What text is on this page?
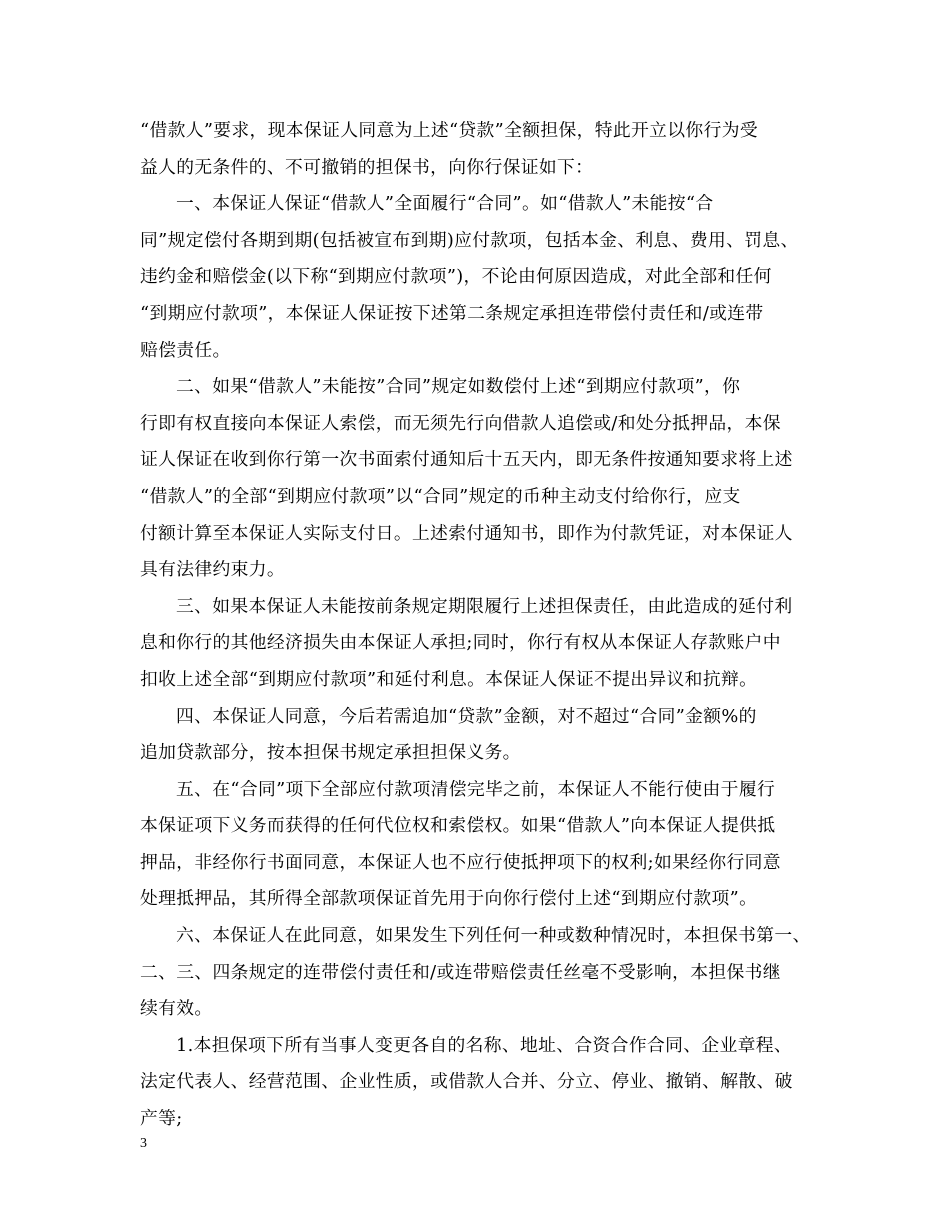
“借款人”要求，现本保证人同意为上述“贷款”全额担保，特此开立以你行为受
益人的无条件的、不可撤销的担保书，向你行保证如下：
一、本保证人保证“借款人”全面履行“合同”。如“借款人”未能按“合
同”规定偿付各期到期(包括被宣布到期)应付款项，包括本金、利息、费用、罚息、
违约金和赔偿金(以下称“到期应付款项”)，不论由何原因造成，对此全部和任何
“到期应付款项”，本保证人保证按下述第二条规定承担连带偿付责任和/或连带
赔偿责任。
二、如果“借款人”未能按”合同”规定如数偿付上述“到期应付款项”，你
行即有权直接向本保证人索偿，而无须先行向借款人追偿或/和处分抵押品，本保
证人保证在收到你行第一次书面索付通知后十五天内，即无条件按通知要求将上述
“借款人”的全部“到期应付款项”以“合同”规定的币种主动支付给你行，应支
付额计算至本保证人实际支付日。上述索付通知书，即作为付款凭证，对本保证人
具有法律约束力。
三、如果本保证人未能按前条规定期限履行上述担保责任，由此造成的延付利
息和你行的其他经济损失由本保证人承担;同时，你行有权从本保证人存款账户中
扣收上述全部“到期应付款项”和延付利息。本保证人保证不提出异议和抗辩。
四、本保证人同意，今后若需追加“贷款”金额，对不超过“合同”金额%的
追加贷款部分，按本担保书规定承担担保义务。
五、在“合同”项下全部应付款项清偿完毕之前，本保证人不能行使由于履行
本保证项下义务而获得的任何代位权和索偿权。如果“借款人”向本保证人提供抵
押品，非经你行书面同意，本保证人也不应行使抵押项下的权利;如果经你行同意
处理抵押品，其所得全部款项保证首先用于向你行偿付上述“到期应付款项”。
六、本保证人在此同意，如果发生下列任何一种或数种情况时，本担保书第一、
二、三、四条规定的连带偿付责任和/或连带赔偿责任丝毫不受影响，本担保书继
续有效。
1.本担保项下所有当事人变更各自的名称、地址、合资合作合同、企业章程、
法定代表人、经营范围、企业性质，或借款人合并、分立、停业、撤销、解散、破
产等;
3
